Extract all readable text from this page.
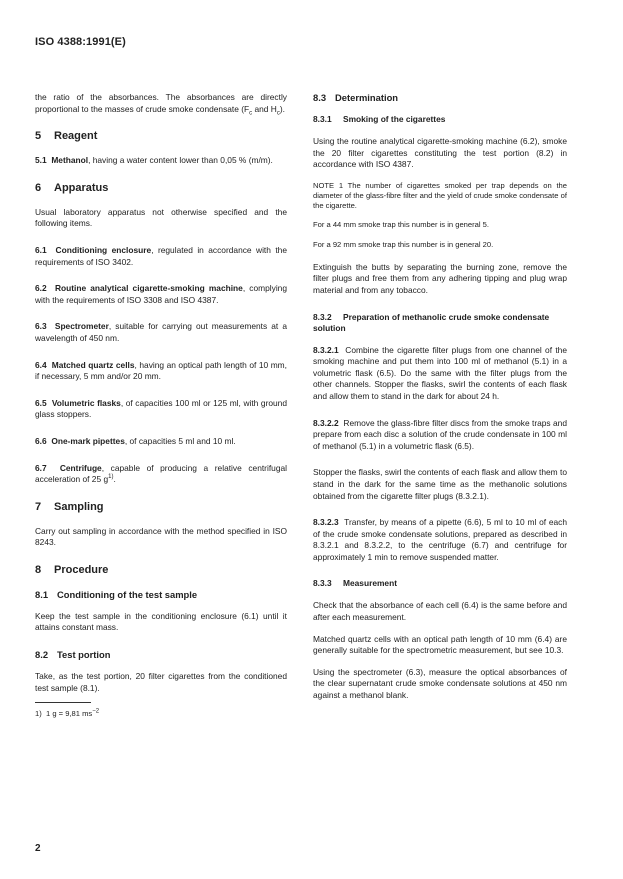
ISO 4388:1991(E)

the ratio of the absorbances. The absorbances are directly proportional to the masses of crude smoke condensate ($F_c$ and $H_c$).

5 Reagent

5.1 Methanol, having a water content lower than 0,05 % (m/m).

6 Apparatus

Usual laboratory apparatus not otherwise specified and the following items.

6.1 Conditioning enclosure, regulated in accordance with the requirements of ISO 3402.

6.2 Routine analytical cigarette-smoking machine, complying with the requirements of ISO 3308 and ISO 4387.

6.3 Spectrometer, suitable for carrying out measurements at a wavelength of 450 nm.

6.4 Matched quartz cells, having an optical path length of 10 mm, if necessary, 5 mm and/or 20 mm.

6.5 Volumetric flasks, of capacities 100 ml or 125 ml, with ground glass stoppers.

6.6 One-mark pipettes, of capacities 5 ml and 10 ml.

6.7 Centrifuge, capable of producing a relative centrifugal acceleration of 25 $g^{1)}$.

7 Sampling

Carry out sampling in accordance with the method specified in ISO 8243.

8 Procedure
8.1 Conditioning of the test sample

Keep the test sample in the conditioning enclosure (6.1) until it attains constant mass.

8.2 Test portion

Take, as the test portion, 20 filter cigarettes from the conditioned test sample (8.1).

1) 1 g = 9,81 $ms^{-2}$

8.3 Determination
8.3.1 Smoking of the cigarettes

Using the routine analytical cigarette-smoking machine (6.2), smoke the 20 filter cigarettes constituting the test portion (8.2) in accordance with ISO 4387.

NOTE 1 The number of cigarettes smoked per trap depends on the diameter of the glass-fibre filter and the yield of crude smoke condensate of the cigarette.

For a 44 mm smoke trap this number is in general 5.

For a 92 mm smoke trap this number is in general 20.

Extinguish the butts by separating the burning zone, remove the filter plugs and free them from any adhering tipping and plug wrap material and from any tobacco.

8.3.2 Preparation of methanolic crude smoke condensate solution

8.3.2.1 Combine the cigarette filter plugs from one channel of the smoking machine and put them into 100 ml of methanol (5.1) in a volumetric flask (6.5). Do the same with the filter plugs from the other channels. Stopper the flasks, swirl the contents of each flask and allow them to stand in the dark for about 24 h.

8.3.2.2 Remove the glass-fibre filter discs from the smoke traps and prepare from each disc a solution of the crude condensate in 100 ml of methanol (5.1) in a volumetric flask (6.5).

Stopper the flasks, swirl the contents of each flask and allow them to stand in the dark for the same time as the methanolic solutions obtained from the cigarette filter plugs (8.3.2.1).

8.3.2.3 Transfer, by means of a pipette (6.6), 5 ml to 10 ml of each of the crude smoke condensate solutions, prepared as described in 8.3.2.1 and 8.3.2.2, to the centrifuge (6.7) and centrifuge for approximately 1 min to remove suspended matter.

8.3.3 Measurement

Check that the absorbance of each cell (6.4) is the same before and after each measurement.

Matched quartz cells with an optical path length of 10 mm (6.4) are generally suitable for the spectrometric measurement, but see 10.3.

Using the spectrometer (6.3), measure the optical absorbances of the clear supernatant crude smoke condensate solutions at 450 nm against a methanol blank.

2
